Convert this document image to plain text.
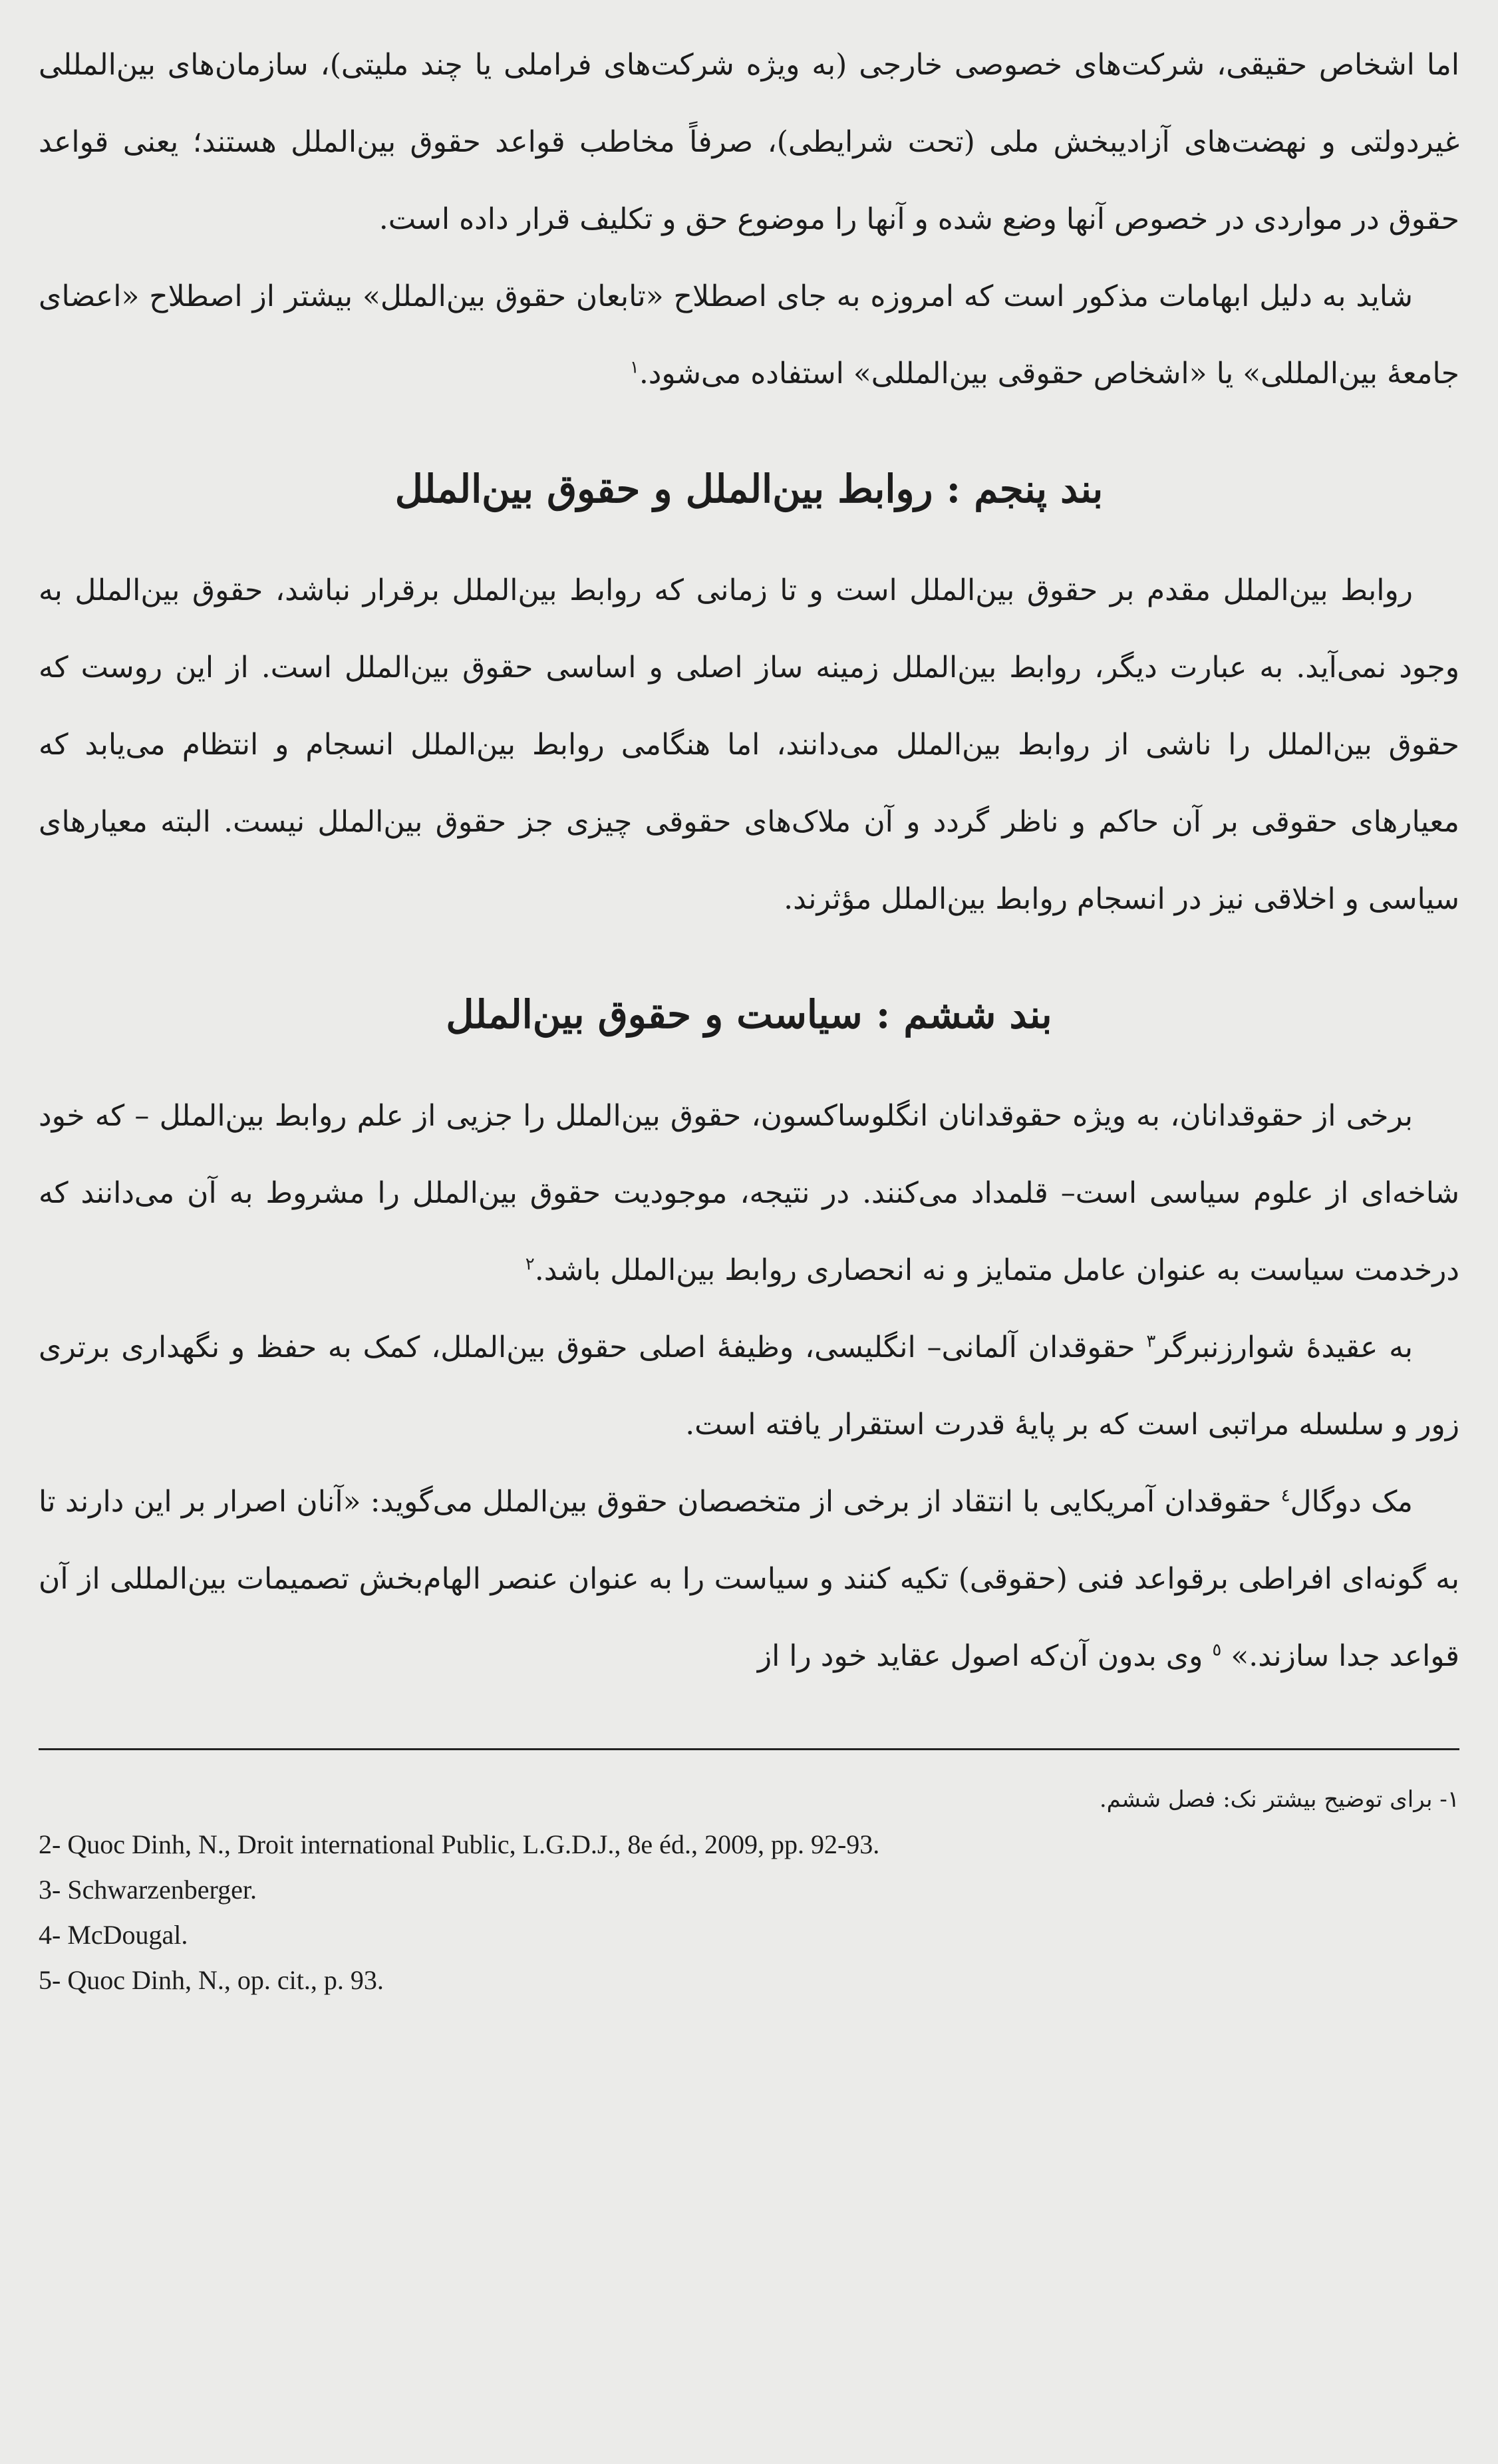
اما اشخاص حقیقی، شرکت‌های خصوصی خارجی (به ویژه شرکت‌های فراملی یا چند ملیتی)، سازمان‌های بین‌المللی غیردولتی و نهضت‌های آزادیبخش ملی (تحت شرایطی)، صرفاً مخاطب قواعد حقوق بین‌الملل هستند؛ یعنی قواعد حقوق در مواردی در خصوص آنها وضع شده و آنها را موضوع حق و تکلیف قرار داده است.

شاید به دلیل ابهامات مذکور است که امروزه به جای اصطلاح «تابعان حقوق بین‌الملل» بیشتر از اصطلاح «اعضای جامعهٔ بین‌المللی» یا «اشخاص حقوقی بین‌المللی» استفاده می‌شود.$^١$

بند پنجم : روابط بین‌الملل و حقوق بین‌الملل

روابط بین‌الملل مقدم بر حقوق بین‌الملل است و تا زمانی که روابط بین‌الملل برقرار نباشد، حقوق بین‌الملل به وجود نمی‌آید. به عبارت دیگر، روابط بین‌الملل زمینه ساز اصلی و اساسی حقوق بین‌الملل است. از این روست که حقوق بین‌الملل را ناشی از روابط بین‌الملل می‌دانند، اما هنگامی روابط بین‌الملل انسجام و انتظام می‌یابد که معیارهای حقوقی بر آن حاکم و ناظر گردد و آن ملاک‌های حقوقی چیزی جز حقوق بین‌الملل نیست. البته معیارهای سیاسی و اخلاقی نیز در انسجام روابط بین‌الملل مؤثرند.

بند ششم : سیاست و حقوق بین‌الملل

برخی از حقوقدانان، به ویژه حقوقدانان انگلوساکسون، حقوق بین‌الملل را جزیی از علم روابط بین‌الملل – که خود شاخه‌ای از علوم سیاسی است– قلمداد می‌کنند. در نتیجه، موجودیت حقوق بین‌الملل را مشروط به آن می‌دانند که درخدمت سیاست به عنوان عامل متمایز و نه انحصاری روابط بین‌الملل باشد.$^٢$

به عقیدهٔ شوارزنبرگر$^٣$ حقوقدان آلمانی– انگلیسی، وظیفهٔ اصلی حقوق بین‌الملل، کمک به حفظ و نگهداری برتری زور و سلسله مراتبی است که بر پایهٔ قدرت استقرار یافته است.

مک دوگال$^٤$ حقوقدان آمریکایی با انتقاد از برخی از متخصصان حقوق بین‌الملل می‌گوید: «آنان اصرار بر این دارند تا به گونه‌ای افراطی برقواعد فنی (حقوقی) تکیه کنند و سیاست را به عنوان عنصر الهام‌بخش تصمیمات بین‌المللی از آن قواعد جدا سازند.» $^٥$ وی بدون آن‌که اصول عقاید خود را از

١- برای توضیح بیشتر نک: فصل ششم.
2- Quoc Dinh, N., Droit international Public, L.G.D.J., 8e éd., 2009, pp. 92-93.
3- Schwarzenberger.
4- McDougal.
5- Quoc Dinh, N., op. cit., p. 93.
